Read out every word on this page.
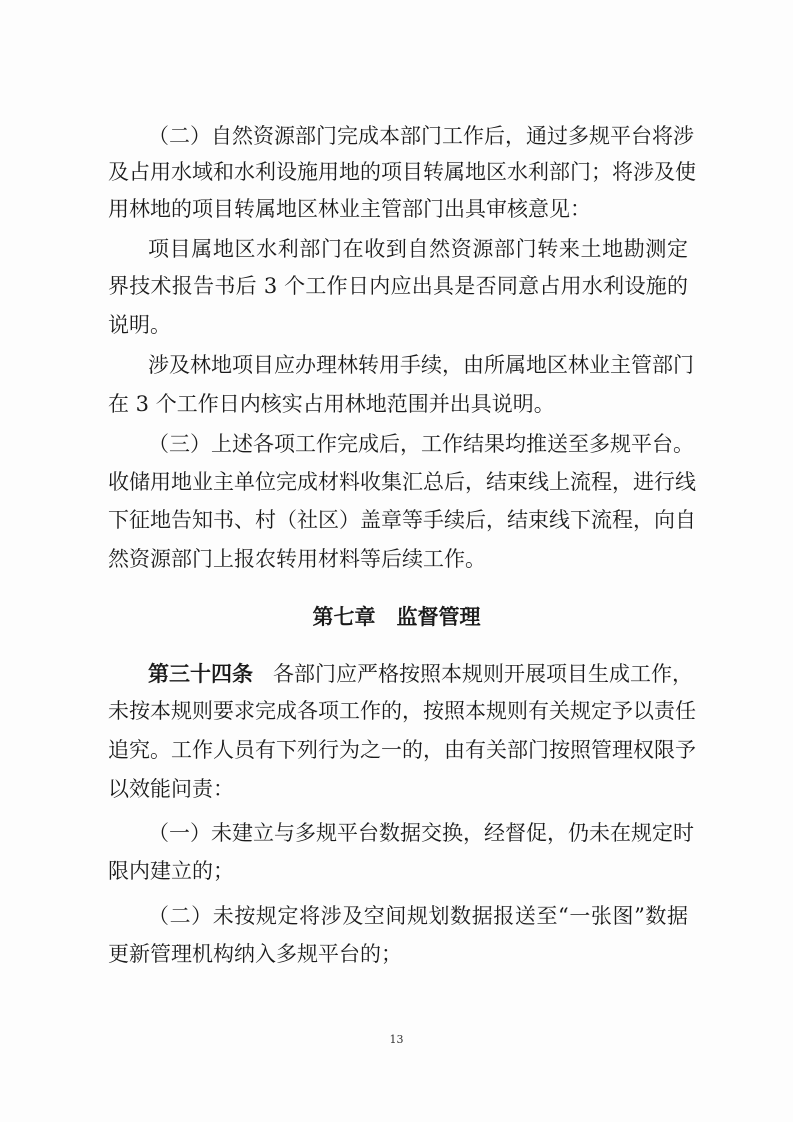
（二）自然资源部门完成本部门工作后，通过多规平台将涉
及占用水域和水利设施用地的项目转属地区水利部门；将涉及使
用林地的项目转属地区林业主管部门出具审核意见：
项目属地区水利部门在收到自然资源部门转来土地勘测定
界技术报告书后 3 个工作日内应出具是否同意占用水利设施的
说明。
涉及林地项目应办理林转用手续，由所属地区林业主管部门
在 3 个工作日内核实占用林地范围并出具说明。
（三）上述各项工作完成后，工作结果均推送至多规平台。
收储用地业主单位完成材料收集汇总后，结束线上流程，进行线
下征地告知书、村（社区）盖章等手续后，结束线下流程，向自
然资源部门上报农转用材料等后续工作。
第七章　监督管理
第三十四条 各部门应严格按照本规则开展项目生成工作，
未按本规则要求完成各项工作的，按照本规则有关规定予以责任
追究。工作人员有下列行为之一的，由有关部门按照管理权限予
以效能问责：
（一）未建立与多规平台数据交换，经督促，仍未在规定时
限内建立的；
（二）未按规定将涉及空间规划数据报送至“一张图”数据
更新管理机构纳入多规平台的；
13
